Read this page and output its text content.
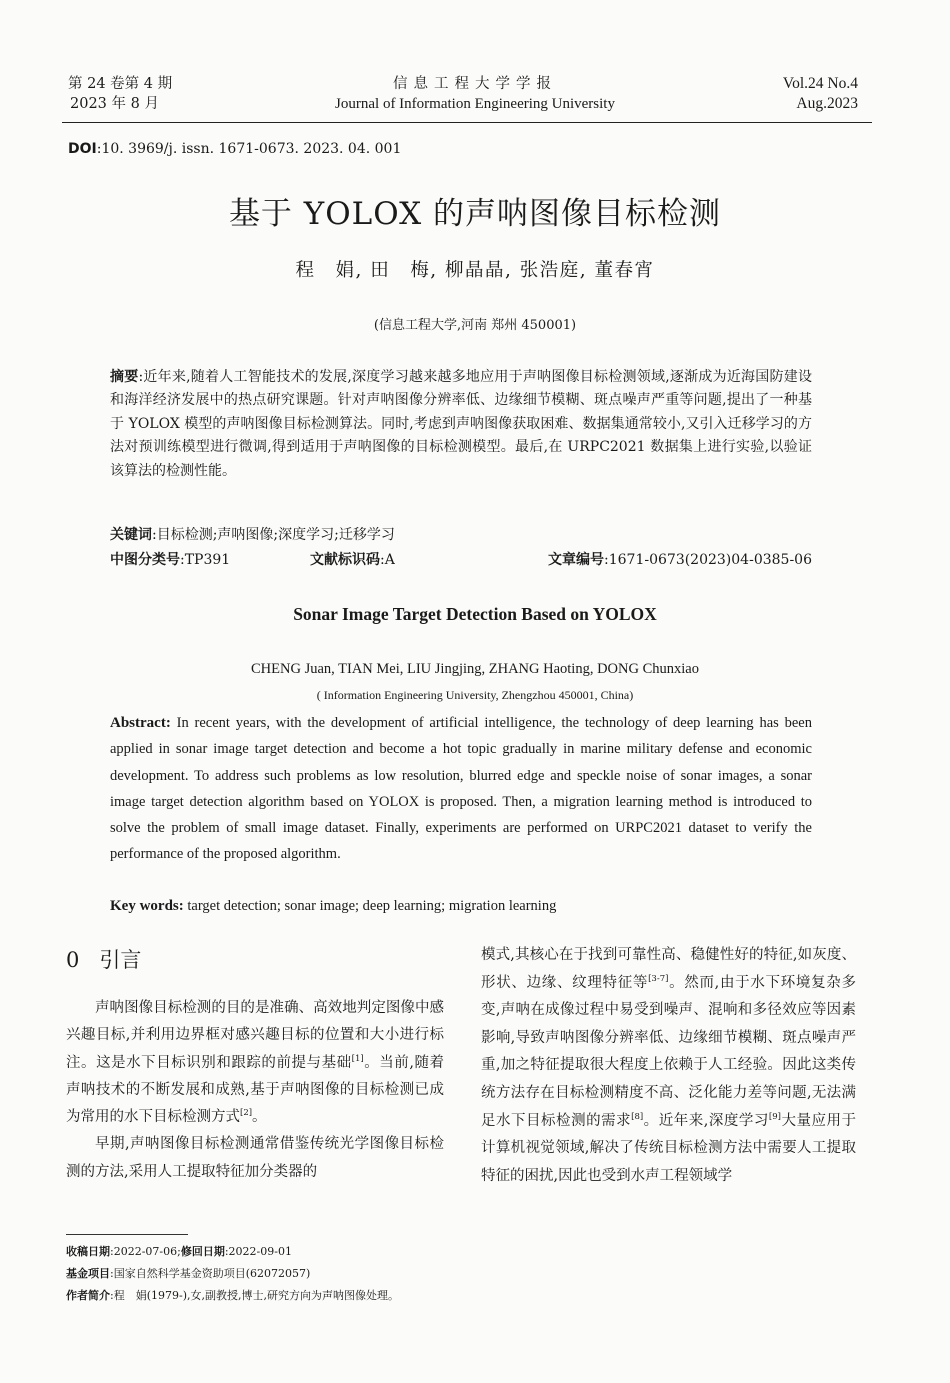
第 24 卷第 4 期
2023 年 8 月
信息工程大学学报
Journal of Information Engineering University
Vol.24 No.4
Aug.2023
DOI:10. 3969/j. issn. 1671-0673. 2023. 04. 001
基于 YOLOX 的声呐图像目标检测
程　娟, 田　梅, 柳晶晶, 张浩庭, 董春宵
(信息工程大学,河南 郑州 450001)
摘要:近年来,随着人工智能技术的发展,深度学习越来越多地应用于声呐图像目标检测领域,逐渐成为近海国防建设和海洋经济发展中的热点研究课题。针对声呐图像分辨率低、边缘细节模糊、斑点噪声严重等问题,提出了一种基于 YOLOX 模型的声呐图像目标检测算法。同时,考虑到声呐图像获取困难、数据集通常较小,又引入迁移学习的方法对预训练模型进行微调,得到适用于声呐图像的目标检测模型。最后,在 URPC2021 数据集上进行实验,以验证该算法的检测性能。
关键词:目标检测;声呐图像;深度学习;迁移学习
中图分类号:TP391	文献标识码:A	文章编号:1671-0673(2023)04-0385-06
Sonar Image Target Detection Based on YOLOX
CHENG Juan, TIAN Mei, LIU Jingjing, ZHANG Haoting, DONG Chunxiao
( Information Engineering University, Zhengzhou 450001, China)
Abstract: In recent years, with the development of artificial intelligence, the technology of deep learning has been applied in sonar image target detection and become a hot topic gradually in marine military defense and economic development. To address such problems as low resolution, blurred edge and speckle noise of sonar images, a sonar image target detection algorithm based on YOLOX is proposed. Then, a migration learning method is introduced to solve the problem of small image dataset. Finally, experiments are performed on URPC2021 dataset to verify the performance of the proposed algorithm.
Key words: target detection; sonar image; deep learning; migration learning
0 引言

声呐图像目标检测的目的是准确、高效地判定图像中感兴趣目标,并利用边界框对感兴趣目标的位置和大小进行标注。这是水下目标识别和跟踪的前提与基础[1]。当前,随着声呐技术的不断发展和成熟,基于声呐图像的目标检测已成为常用的水下目标检测方式[2]。

早期,声呐图像目标检测通常借鉴传统光学图像目标检测的方法,采用人工提取特征加分类器的

模式,其核心在于找到可靠性高、稳健性好的特征,如灰度、形状、边缘、纹理特征等[3-7]。然而,由于水下环境复杂多变,声呐在成像过程中易受到噪声、混响和多径效应等因素影响,导致声呐图像分辨率低、边缘细节模糊、斑点噪声严重,加之特征提取很大程度上依赖于人工经验。因此这类传统方法存在目标检测精度不高、泛化能力差等问题,无法满足水下目标检测的需求[8]。近年来,深度学习[9]大量应用于计算机视觉领域,解决了传统目标检测方法中需要人工提取特征的困扰,因此也受到水声工程领域学

收稿日期:2022-07-06;修回日期:2022-09-01
基金项目:国家自然科学基金资助项目(62072057)
作者简介:程　娟(1979-),女,副教授,博士,研究方向为声呐图像处理。
